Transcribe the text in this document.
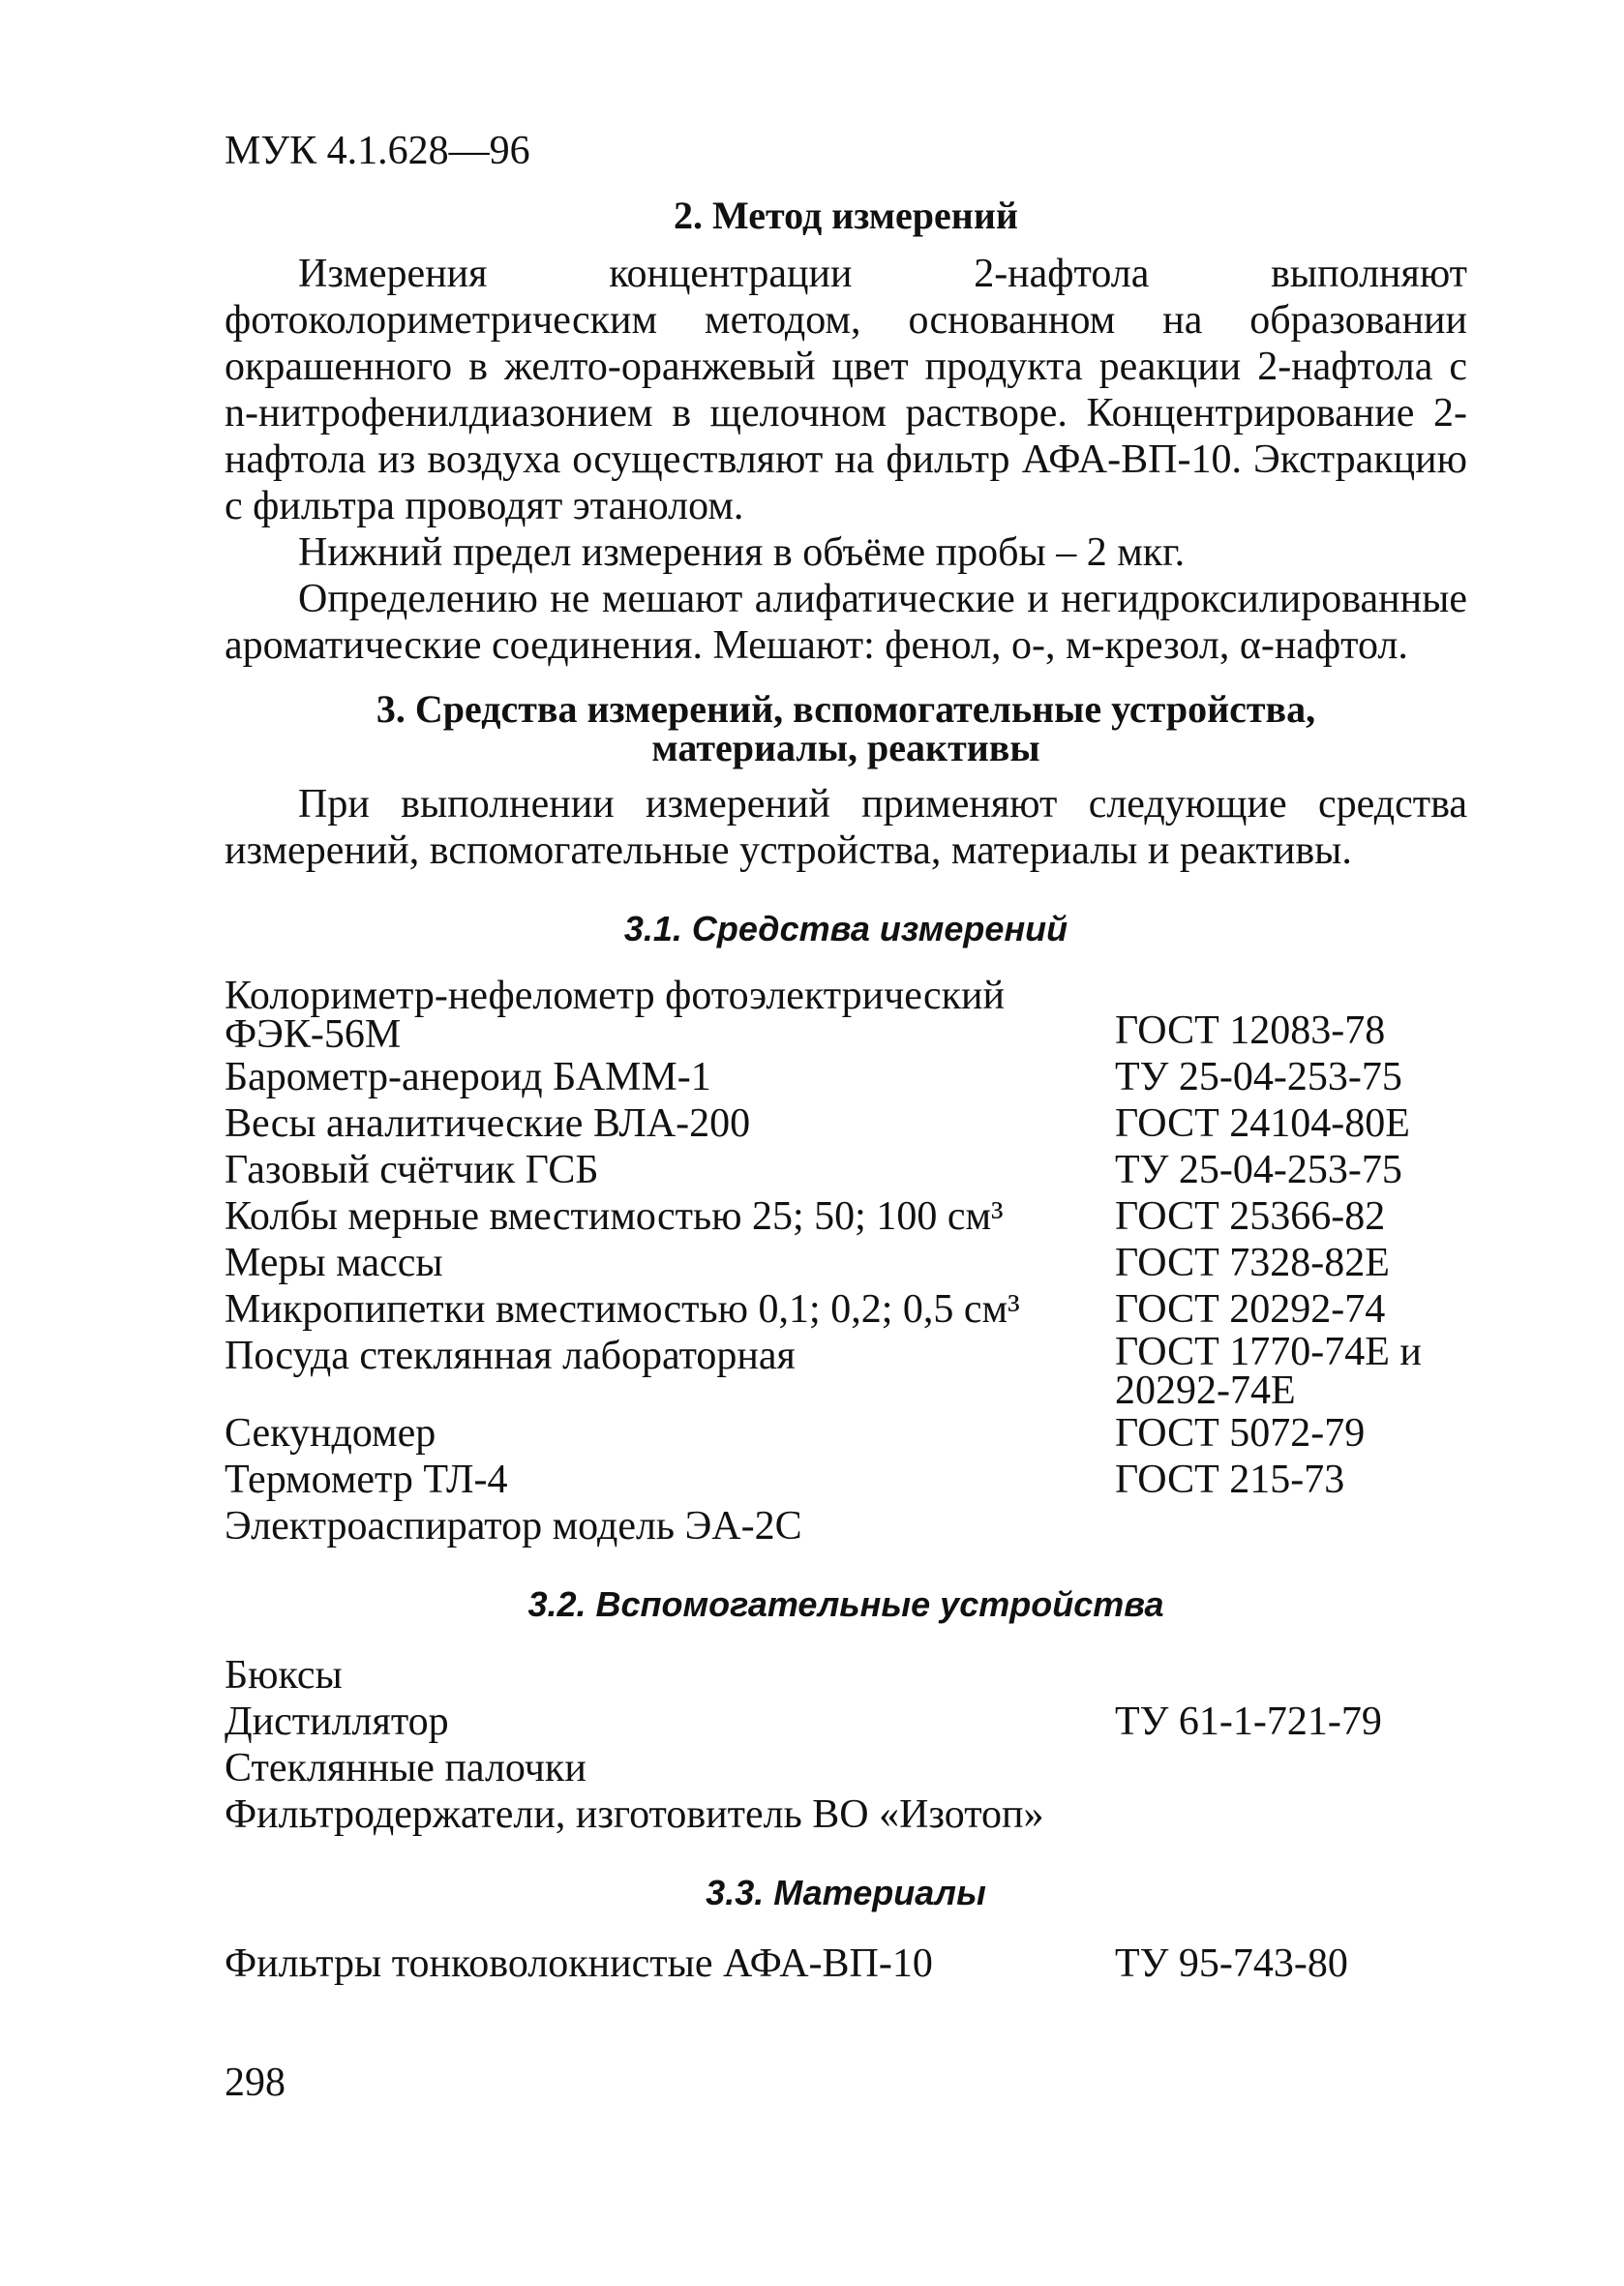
МУК 4.1.628—96
2. Метод измерений

Измерения концентрации 2-нафтола выполняют фотоколориметрическим методом, основанном на образовании окрашенного в желто-оранжевый цвет продукта реакции 2-нафтола с n-нитрофенилдиазонием в щелочном растворе. Концентрирование 2-нафтола из воздуха осуществляют на фильтр АФА-ВП-10. Экстракцию с фильтра проводят этанолом.

Нижний предел измерения в объёме пробы – 2 мкг.

Определению не мешают алифатические и негидроксилированные ароматические соединения. Мешают: фенол, о-, м-крезол, α-нафтол.

3. Средства измерений, вспомогательные устройства,
материалы, реактивы

При выполнении измерений применяют следующие средства измерений, вспомогательные устройства, материалы и реактивы.

3.1. Средства измерений
Колориметр-нефелометр фотоэлектрический ФЭК-56М	ГОСТ 12083-78
Барометр-анероид БАММ-1	ТУ 25-04-253-75
Весы аналитические ВЛА-200	ГОСТ 24104-80Е
Газовый счётчик ГСБ	ТУ 25-04-253-75
Колбы мерные вместимостью 25; 50; 100 см³	ГОСТ 25366-82
Меры массы	ГОСТ 7328-82Е
Микропипетки вместимостью 0,1; 0,2; 0,5 см³	ГОСТ 20292-74
Посуда стеклянная лабораторная	ГОСТ 1770-74Е и 20292-74Е
Секундомер	ГОСТ 5072-79
Термометр ТЛ-4	ГОСТ 215-73
Электроаспиратор модель ЭА-2С
3.2. Вспомогательные устройства
Бюксы
Дистиллятор	ТУ 61-1-721-79
Стеклянные палочки
Фильтродержатели, изготовитель ВО «Изотоп»
3.3. Материалы
Фильтры тонковолокнистые АФА-ВП-10	ТУ 95-743-80
298
